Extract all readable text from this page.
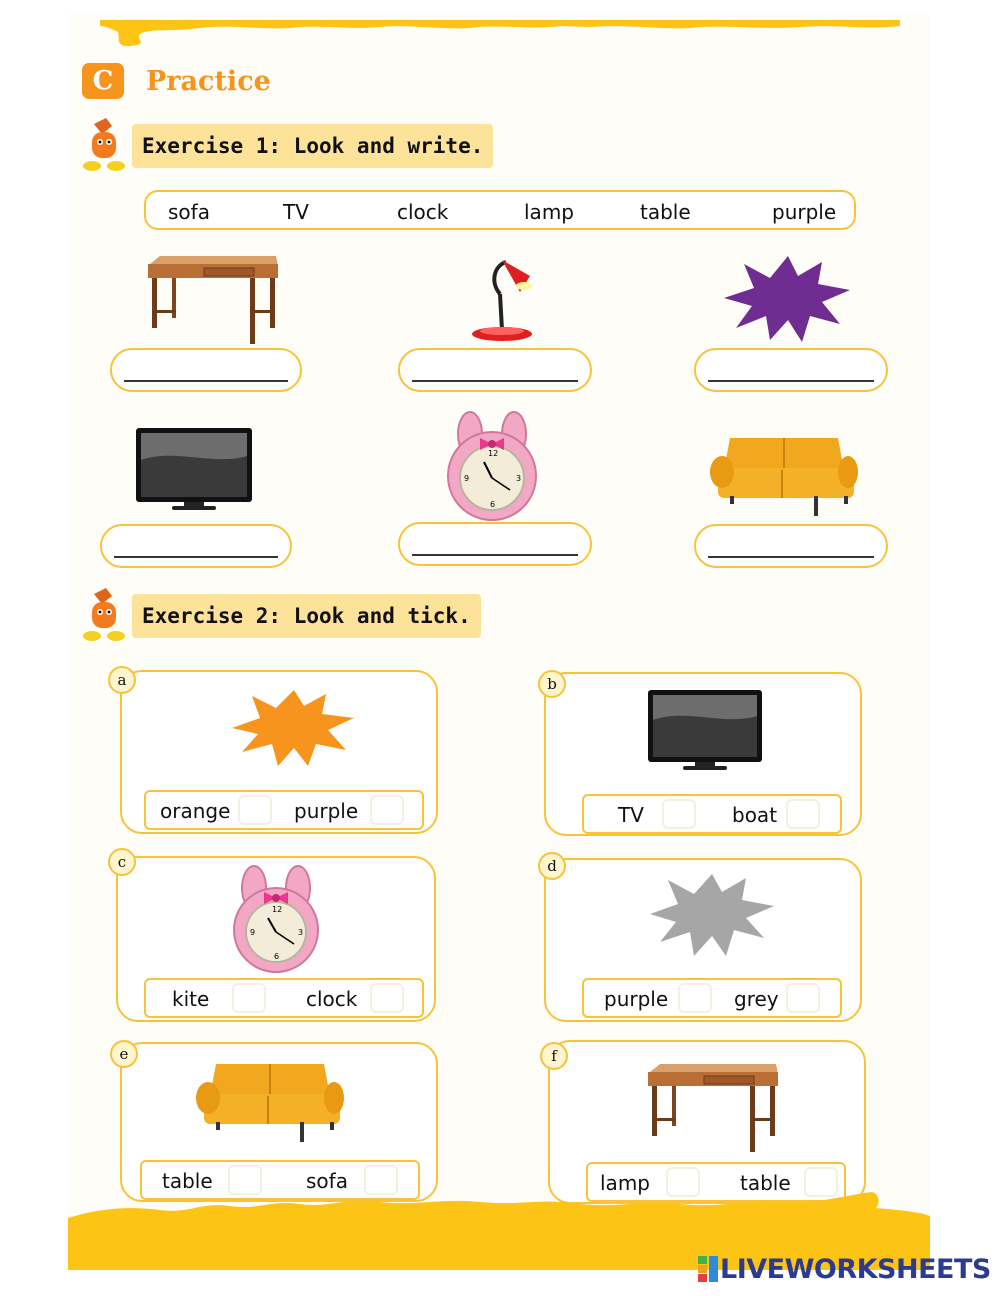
C	Practice
Exercise 1: Look and write.
sofa	TV	clock	lamp	table	purple
12
3
6
9
Exercise 2: Look and tick.
a
orange	purple
b
TV	boat
c
12
3
6
9
kite	clock
d
purple	grey
e
table	sofa
f
lamp	table
LIVEWORKSHEETS
